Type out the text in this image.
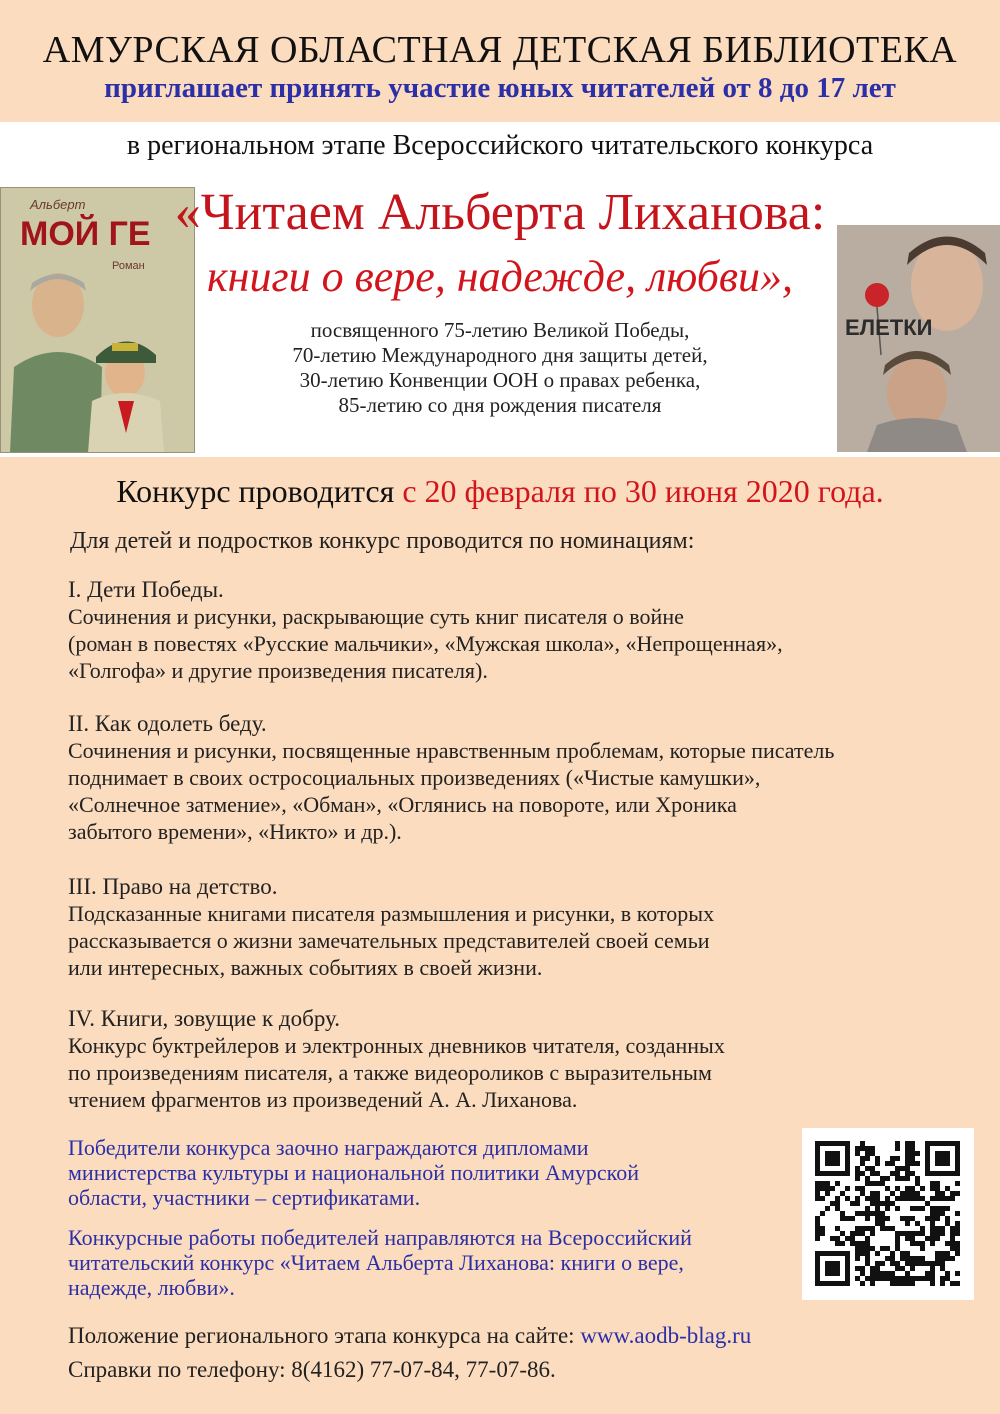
АМУРСКАЯ ОБЛАСТНАЯ ДЕТСКАЯ БИБЛИОТЕКА
приглашает принять участие юных читателей от 8 до 17 лет
Альберт
МОЙ ГЕ
Роман
ЕЛЕТКИ
в региональном этапе Всероссийского читательского конкурса
«Читаем Альберта Лиханова:
книги о вере, надежде, любви»,
посвященного 75-летию Великой Победы,
70-летию Международного дня защиты детей,
30-летию Конвенции ООН о правах ребенка,
85-летию со дня рождения писателя
Конкурс проводится с 20 февраля по 30 июня 2020 года.
Для детей и подростков конкурс проводится по номинациям:
I. Дети Победы.
Сочинения и рисунки, раскрывающие суть книг писателя о войне
(роман в повестях «Русские мальчики», «Мужская школа», «Непрощенная»,
«Голгофа» и другие произведения писателя).
II. Как одолеть беду.
Сочинения и рисунки, посвященные нравственным проблемам, которые писатель
поднимает в своих остросоциальных произведениях («Чистые камушки»,
«Солнечное затмение», «Обман», «Оглянись на повороте, или Хроника
забытого времени», «Никто» и др.).
III. Право на детство.
Подсказанные книгами писателя размышления и рисунки, в которых
рассказывается о жизни замечательных представителей своей семьи
или интересных, важных событиях в своей жизни.
IV. Книги, зовущие к добру.
Конкурс буктрейлеров и электронных дневников читателя, созданных
по произведениям писателя, а также видеороликов с выразительным
чтением фрагментов из произведений А. А. Лиханова.
Победители конкурса заочно награждаются дипломами
министерства культуры и национальной политики Амурской
области, участники – сертификатами.
Конкурсные работы победителей направляются на Всероссийский
читательский конкурс «Читаем Альберта Лиханова: книги о вере,
надежде, любви».
Положение регионального этапа конкурса на сайте: www.aodb-blag.ru
Справки по телефону: 8(4162) 77-07-84, 77-07-86.
